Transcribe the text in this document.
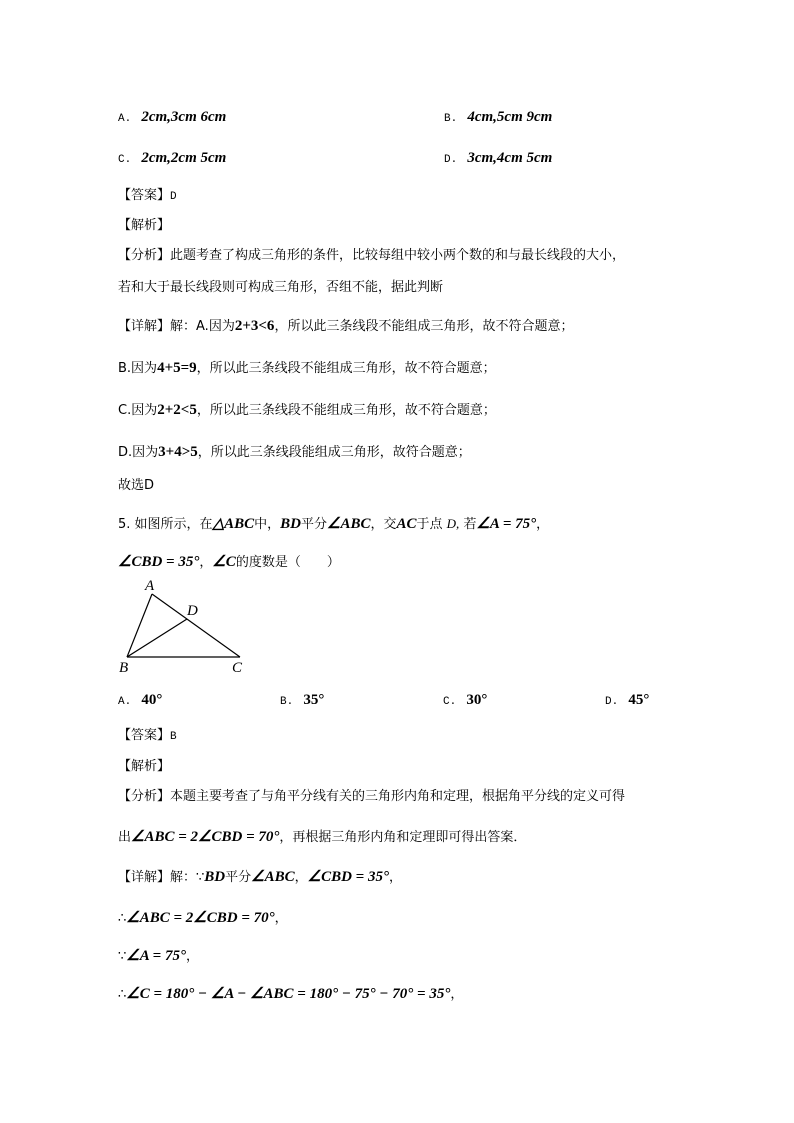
A. 2cm,3cm 6cm	B. 4cm,5cm 9cm
C. 2cm,2cm 5cm	D. 3cm,4cm 5cm
【答案】D
【解析】
【分析】此题考查了构成三角形的条件，比较每组中较小两个数的和与最长线段的大小，
若和大于最长线段则可构成三角形，否组不能，据此判断
【详解】解：A.因为2+3<6，所以此三条线段不能组成三角形，故不符合题意；
B.因为4+5=9，所以此三条线段不能组成三角形，故不符合题意；
C.因为2+2<5，所以此三条线段不能组成三角形，故不符合题意；
D.因为3+4>5，所以此三条线段能组成三角形，故符合题意；
故选D
5. 如图所示，在△ABC中，BD平分∠ABC，交AC于点 D, 若∠A = 75°，
∠CBD = 35°，∠C的度数是（　　）
A
D
B	C
A. 40°	B. 35°	C. 30°	D. 45°
【答案】B
【解析】
【分析】本题主要考查了与角平分线有关的三角形内角和定理，根据角平分线的定义可得
出∠ABC = 2∠CBD = 70°，再根据三角形内角和定理即可得出答案．
【详解】解：∵BD平分∠ABC，∠CBD = 35°，
∴∠ABC = 2∠CBD = 70°，
∵∠A = 75°，
∴∠C = 180° − ∠A − ∠ABC = 180° − 75° − 70° = 35°，
